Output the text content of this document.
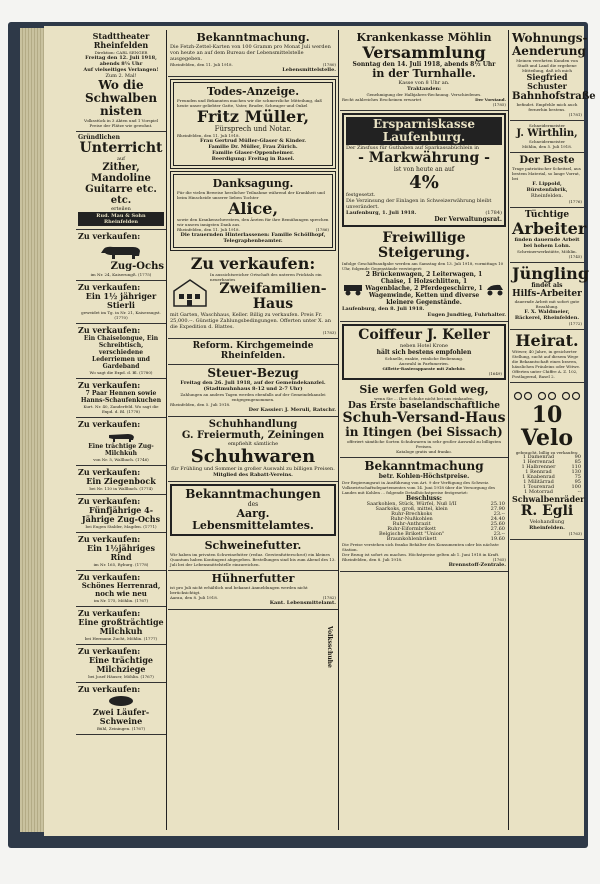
Stadttheater Rheinfelden
Direktion: CARL SENGER
Freitag den 12. Juli 1918, abends 8¼ Uhr
Auf vielseitiges Verlangen!
Zum 2. Mal!
Wo die Schwalben nisten
Volksstück in 3 Akten und 1 Vorspiel
Preise der Plätze wie gewohnt.
Gründlichen
Unterricht
auf
Zither, Mandoline Guitarre etc. etc.
erteilen
Rud. Mau & Sohn Rheinfelden
Zu verkaufen:
Zug-Ochs
im Nr. 24, Kaiserungß. (1775)
Zu verkaufen:
Ein 1½ jähriger Stierli
geweidet im Tg. in Nr. 21, Kaiseraugst. (1770)
Zu verkaufen:
Ein Chaiselongue, Ein Schreibtisch, verschiedene Lederriemen und Gardeband
Wo sagt die Expd. d. Bl. (1780)
Zu verkaufen:
7 Paar Hennen sowie Hanns-Schaufenkuchen
Kurt. Nr. 40, Zanderfeld. Wo sagt die Expd. d. Bl. (1778)
Zu verkaufen:
Eine trächtige Zug-Milchkuh
von Nr. 5, Wallbach. (1746)
Zu verkaufen:
Ein Ziegenbock
bei Nr. 110 in Wallbach. (1774)
Zu verkaufen:
Fünfjährige 4-Jährige Zug-Ochs
bei Eugen Stalder, Magden. (1771)
Zu verkaufen:
Ein 1½jähriges Rind
im Nr. 165, Ryburg. (1778)
Zu verkaufen:
Schönes Herrenrad, noch wie neu
im Nr. 175, Möhlin. (1767)
Zu verkaufen:
Eine großträchtige Milchkuh
bei Hermann Zucht, Möhlin. (1777)
Zu verkaufen:
Eine trächtige Milchziege
bei Josef Häuser, Möhlin. (1767)
Zu verkaufen:
Zwei Läufer-Schweine
Bühl, Zeiningen. (1767)
Bekanntmachung.
Die Fetzh-Zettel-Karten von 100 Gramm pro Monat Juli werden von heute an auf dem Bureau der Lebensmittelstelle ausgegeben.
Rheinfelden, den 11. Juli 1918.	(1780)
Lebensmittelstelle.
Todes-Anzeige.
Freunden und Bekannten machen wir die schmerzliche Mitteilung, daß heute unser geliebter Gatte, Vater, Bruder, Schwager und Onkel
Fritz Müller,
Fürsprech und Notar.
Rheinfelden, den 11. Juli 1918.
Frau Gertrud Müller-Glaser & Kinder.
Familie Dr. Müller, Frau Zürich.
Familie Glaser-Oppenheimer.
Beerdigung: Freitag in Basel.
Danksagung.
Für die vielen Beweise herzlicher Teilnahme während der Krankheit und beim Hinscheide unserer lieben Tochter
Alice,
sowie den Krankenschwestern, den Ärzten für ihre Bemühungen sprechen wir unsern innigsten Dank aus.
Rheinfelden, den 11. Juli 1918.	(1786)
Die trauernden Hinterlassenen: Familie Schöllhopf, Telegraphenbeamter.
Zu verkaufen:
In aussichtsreicher Ortschaft des unteren Fricktals ein neuerbautes
Zweifamilien-Haus
mit Garten, Waschhaus, Keller. Billig zu verkaufen. Preis Fr. 25,000.--. Günstige Zahlungsbedingungen. Offerten unter X. an die Expedition d. Blattes.
(1783)
Reform. Kirchgemeinde Rheinfelden.
Steuer-Bezug
Freitag den 26. Juli 1918, auf der Gemeindekanzlei. (Stadtmuhnhaus 8-12 und 2-7 Uhr)
Zahlungen an andern Tagen werden ebenfalls auf der Gemeindekanzlei entgegengenommen.
Rheinfelden, den 5. Juli 1918.
Der Kassier: J. Meruli, Ratschr.
Schuhhandlung
G. Freiermuth, Zeiningen
empfiehlt sämtliche
Schuhwaren
für Frühling und Sommer in großer Auswahl zu billigen Preisen.
Mitglied des Rabatt-Vereins.
Bekanntmachungen
des
Aarg. Lebensmittelamtes.
Schweinefutter.
Wir haben im privaten Schweinefutter (reduz. Gerstenfutterschrot) ein kleines Quantum haben Kontingent abgegeben. Bestellungen sind bis zum Abend des 13. Juli bei der Lebensmittelstelle einzureichen.
Hühnerfutter
ist pro Juli nicht erhältlich und bekannt Anmeldungen werden nicht berücksichtigt.
Aarau, den 8. Juli 1918.	(1782)
Kant. Lebensmittelamt.
Krankenkasse Möhlin
Versammlung
Sonntag den 14. Juli 1918, abends 8½ Uhr
in der Turnhalle.
Kasse von 8 Uhr an.
Traktanden:
Genehmigung der Halbjahres-Rechnung. Verschiedenes.
Recht zahlreiches Erscheinen erwartet	Der Vorstand.
(1785)
Ersparniskasse Laufenburg.
Der Zinsfuss für Guthaben auf Sparkassabüchlein in
- Markwährung -
ist von heute an auf
4%
festgesetzt.
Die Verzinsung der Einlagen in Schweizerwährung bleibt unverändert.
Laufenburg, 1. Juli 1918.	(1784)
Der Verwaltungsrat.
Freiwillige Steigerung.
Infolge Geschäftsaufgabe werden am Samstag den 13. Juli 1918, vormittags 10 Uhr, folgende Gegenstände versteigert:
2 Brückenwagen, 2 Leiterwagen, 1 Chaise, 1 Holzschlitten, 1 Wagenblache, 2 Pferdegeschirre, 1 Wagenwinde, Ketten und diverse kleinere Gegenstände.
Laufenburg, den 8. Juli 1918.
Eugen Jundtieg, Fuhrhalter.
Coiffeur J. Keller
neben Hotel Krone
hält sich bestens empfohlen
Schnelle, exakte, reinliche Bedienung.
Auswahl in Parfumerien.
Gillette-Rasierapparate mit Zubehör.
(1649)
Sie werfen Gold weg,
wenn Sie ... Ihre Schuhe nicht bei uns einkaufen.
Das Erste baselandschaftliche
Schuh-Versand-Haus
in Itingen (bei Sissach)
offeriert sämtliche Sorten Schuhwaren in sehr großer Auswahl zu billigsten Preisen.
Kataloge gratis und franko.
Bekanntmachung
betr. Kohlen-Höchstpreise.
Der Regierungsrat in Ausführung von Art. 9 der Verfügung des Schweiz. Volkswirtschaftsdepartementes vom 14. Juni 1918 über die Versorgung des Landes mit Kohlen ... folgende Detailhöchstpreise festgesetzt:
Beschluss:
Saarkohlen, Stück, Würfel, Nuß I/II	25.10
Saarkoks, groß, mittel, klein	27.90
Ruhr-Brechkoks	23.--
Ruhr-Nußkohlen	24.40
Ruhr-Anthrazit	25.60
Ruhr-Eiformbrikett	27.60
Belgische Brikett "Union"	23.--
Braunkohlenbrikett	19.60
Die Preise verstehen sich franko Behälter des Konsumenten oder bis nächste Station.
Der Bezug ist sofort zu machen. Höchstpreise gelten ab 1. Juni 1918 in Kraft.
Rheinfelden, den 8. Juli 1918.	(1765)
Brennstoff-Zentrale.
Wohnungs-
Aenderung
Meinen verehrten Kunden von Stadt und Land die ergebene Mitteilung, daß ich mich
Siegfried Schuster
Bahnhofstraße
befindet. Empfehle mich auch fernerhin bestens.
(1781)
Schneidermeister
J. Wirthlin,
Schneidermeister
Möhlin, den 5. Juli 1918.
Der Beste
Trage patriotischer Scheitzel, aus bestem Material, so lange Vorrat, bei
F. Lippold, Bürstenfabrik,
Rheinfelden.
(1776)
Tüchtige
Arbeiter
finden dauernde Arbeit bei hohem Lohn.
Schreinerwerkstätte, Möhlin.
(1745)
Jüngling
findet als
Hilfs-Arbeiter
dauernde Arbeit mit sofort gute Bezahlung.
F. X. Waldmeier, Bäckerei, Rheinfelden.
(1772)
Heirat.
Witwer, 40 Jahre, in gesicherter Stellung, sucht auf diesem Wege die Bekanntschaft eines braven, häuslichen Fräuleins oder Witwe. Offerten unter Chiffre A. Z. 102, Postlagernd, Basel 2.
10 Velo
gebraucht, billig zu verkaufen:
1 Damenrad	90
1 Herrenrad	85
1 Halbrenner	110
1 Rennrad	130
1 Knabenrad	75
1 Militärrad	95
1 Tourenrad	100
1 Motorrad	--
Schwalbenräder
R. Egli
Velohandlung
Rheinfelden.
(1763)
Volksschuhe
